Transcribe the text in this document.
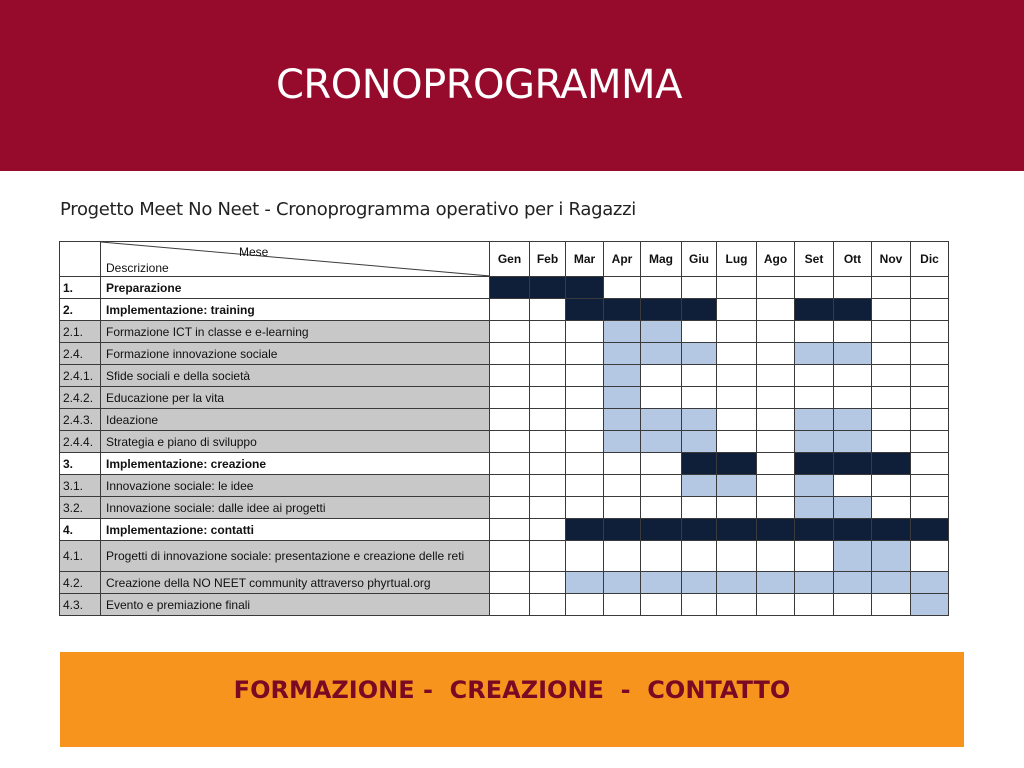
CRONOPROGRAMMA
Progetto Meet No Neet - Cronoprogramma operativo per i Ragazzi

	Mese
Descrizione	Gen	Feb	Mar	Apr	Mag	Giu	Lug	Ago	Set	Ott	Nov	Dic
1.	Preparazione												
2.	Implementazione: training												
2.1.	Formazione ICT in classe e e-learning												
2.4.	Formazione innovazione sociale												
2.4.1.	Sfide sociali e della società												
2.4.2.	Educazione per la vita												
2.4.3.	Ideazione												
2.4.4.	Strategia e piano di sviluppo												
3.	Implementazione: creazione												
3.1.	Innovazione sociale: le idee												
3.2.	Innovazione sociale: dalle idee ai progetti												
4.	Implementazione: contatti												
4.1.	Progetti di innovazione sociale: presentazione e creazione delle reti												
4.2.	Creazione della NO NEET community attraverso phyrtual.org												
4.3.	Evento e premiazione finali												
FORMAZIONE -  CREAZIONE  -  CONTATTO
